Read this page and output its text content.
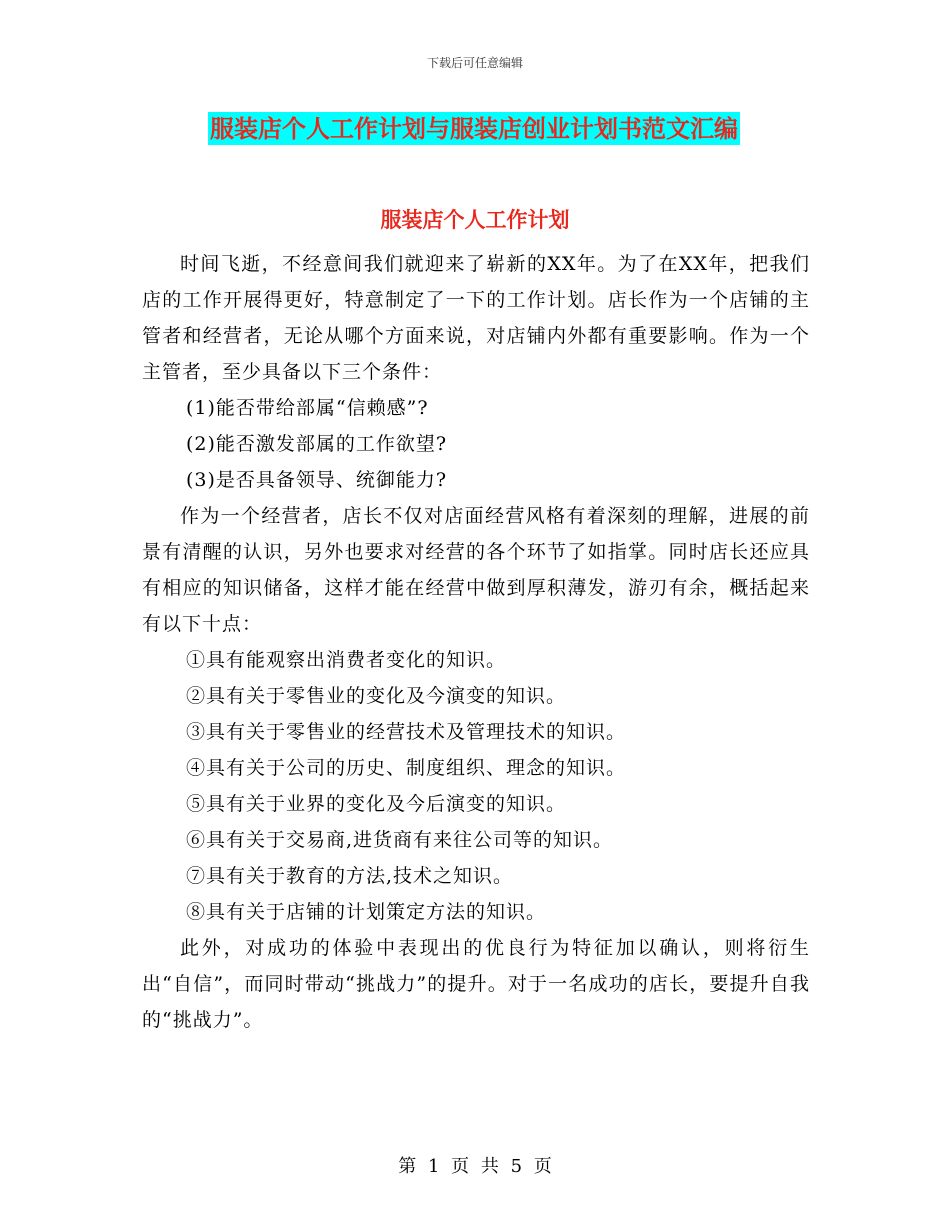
下载后可任意编辑
服装店个人工作计划与服装店创业计划书范文汇编
服装店个人工作计划

时间飞逝，不经意间我们就迎来了崭新的XX年。为了在XX年，把我们店的工作开展得更好，特意制定了一下的工作计划。店长作为一个店铺的主管者和经营者，无论从哪个方面来说，对店铺内外都有重要影响。作为一个主管者，至少具备以下三个条件：

(1)能否带给部属“信赖感”?
(2)能否激发部属的工作欲望?
(3)是否具备领导、统御能力?

作为一个经营者，店长不仅对店面经营风格有着深刻的理解，进展的前景有清醒的认识，另外也要求对经营的各个环节了如指掌。同时店长还应具有相应的知识储备，这样才能在经营中做到厚积薄发，游刃有余，概括起来有以下十点：

①具有能观察出消费者变化的知识。
②具有关于零售业的变化及今演变的知识。
③具有关于零售业的经营技术及管理技术的知识。
④具有关于公司的历史、制度组织、理念的知识。
⑤具有关于业界的变化及今后演变的知识。
⑥具有关于交易商,进货商有来往公司等的知识。
⑦具有关于教育的方法,技术之知识。
⑧具有关于店铺的计划策定方法的知识。

此外，对成功的体验中表现出的优良行为特征加以确认，则将衍生出“自信”，而同时带动“挑战力”的提升。对于一名成功的店长，要提升自我的“挑战力”。

第 1 页 共 5 页
